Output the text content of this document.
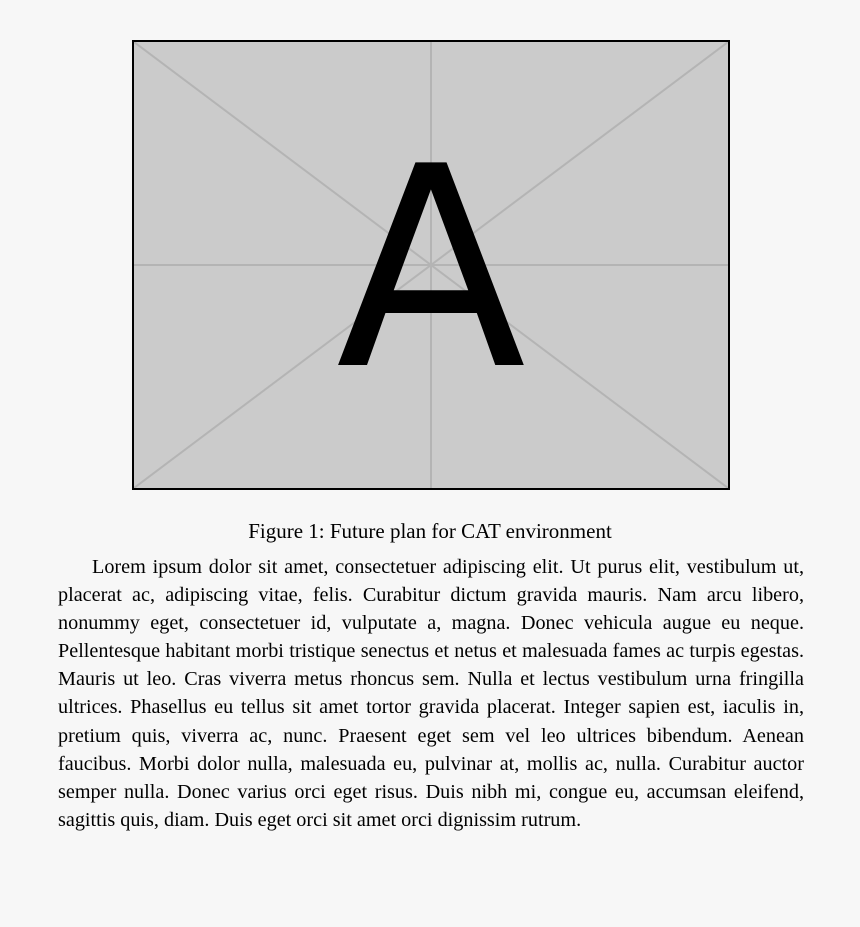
A
Figure 1: Future plan for CAT environment

Lorem ipsum dolor sit amet, consectetuer adipiscing elit. Ut purus elit, vestibulum ut, placerat ac, adipiscing vitae, felis. Curabitur dictum gravida mauris. Nam arcu libero, nonummy eget, consectetuer id, vulputate a, magna. Donec vehicula augue eu neque. Pellentesque habitant morbi tristique senectus et netus et malesuada fames ac turpis egestas. Mauris ut leo. Cras viverra metus rhoncus sem. Nulla et lectus vestibulum urna fringilla ultrices. Phasellus eu tellus sit amet tortor gravida placerat. Integer sapien est, iaculis in, pretium quis, viverra ac, nunc. Praesent eget sem vel leo ultrices bibendum. Aenean faucibus. Morbi dolor nulla, malesuada eu, pulvinar at, mollis ac, nulla. Curabitur auctor semper nulla. Donec varius orci eget risus. Duis nibh mi, congue eu, accumsan eleifend, sagittis quis, diam. Duis eget orci sit amet orci dignissim rutrum.
